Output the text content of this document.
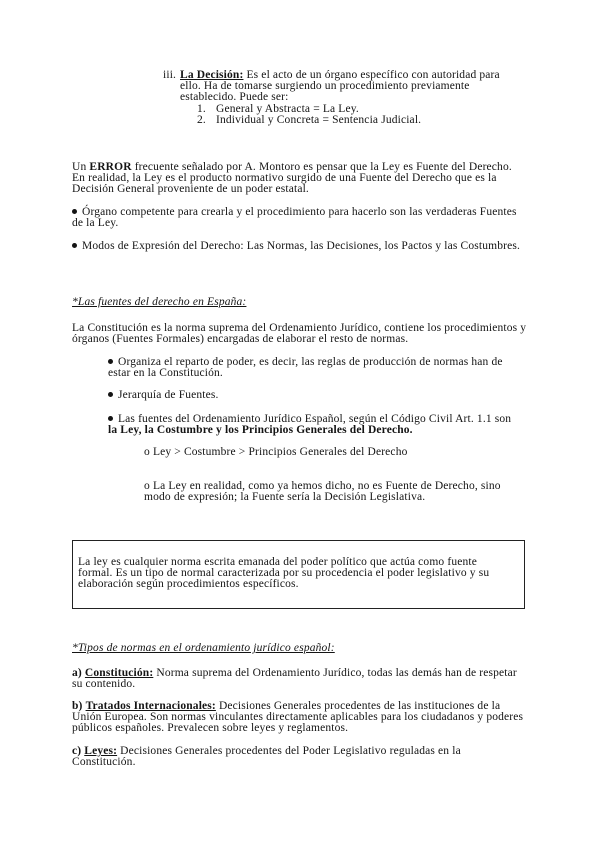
iii. La Decisión: Es el acto de un órgano específico con autoridad para ello. Ha de tomarse surgiendo un procedimiento previamente establecido. Puede ser:
1. General y Abstracta = La Ley.
2. Individual y Concreta = Sentencia Judicial.
Un ERROR frecuente señalado por A. Montoro es pensar que la Ley es Fuente del Derecho. En realidad, la Ley es el producto normativo surgido de una Fuente del Derecho que es la Decisión General proveniente de un poder estatal.
Órgano competente para crearla y el procedimiento para hacerlo son las verdaderas Fuentes de la Ley.
Modos de Expresión del Derecho: Las Normas, las Decisiones, los Pactos y las Costumbres.
*Las fuentes del derecho en España:
La Constitución es la norma suprema del Ordenamiento Jurídico, contiene los procedimientos y órganos (Fuentes Formales) encargadas de elaborar el resto de normas.
Organiza el reparto de poder, es decir, las reglas de producción de normas han de estar en la Constitución.
Jerarquía de Fuentes.
Las fuentes del Ordenamiento Jurídico Español, según el Código Civil Art. 1.1 son
la Ley, la Costumbre y los Principios Generales del Derecho.
o Ley > Costumbre > Principios Generales del Derecho
o La Ley en realidad, como ya hemos dicho, no es Fuente de Derecho, sino modo de expresión; la Fuente sería la Decisión Legislativa.
La ley es cualquier norma escrita emanada del poder político que actúa como fuente formal. Es un tipo de normal caracterizada por su procedencia el poder legislativo y su elaboración según procedimientos específicos.
*Tipos de normas en el ordenamiento jurídico español:
a) Constitución: Norma suprema del Ordenamiento Jurídico, todas las demás han de respetar su contenido.
b) Tratados Internacionales: Decisiones Generales procedentes de las instituciones de la Unión Europea. Son normas vinculantes directamente aplicables para los ciudadanos y poderes públicos españoles. Prevalecen sobre leyes y reglamentos.
c) Leyes: Decisiones Generales procedentes del Poder Legislativo reguladas en la Constitución.
